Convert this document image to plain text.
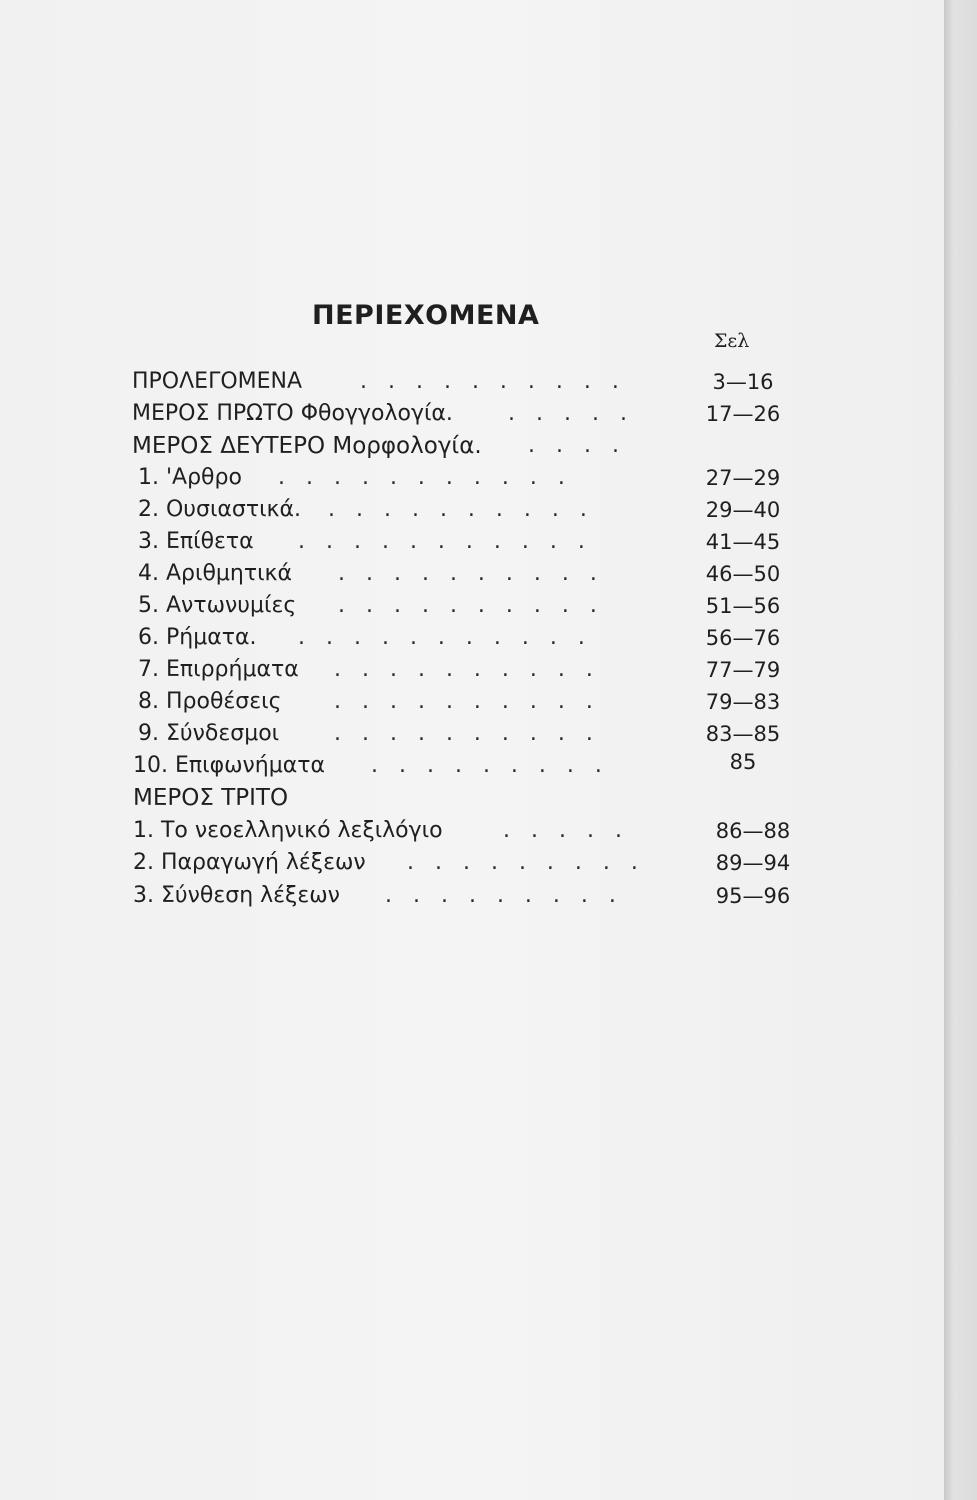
ΠΕΡΙΕΧΟΜΕΝΑ
Σελ
ΠΡΟΛΕΓΟΜΕΝΑ	. . . . . . . . . .	3—16
ΜΕΡΟΣ ΠΡΩΤΟ Φθογγολογία.	. . . . .	17—26
ΜΕΡΟΣ ΔΕΥΤΕΡΟ Μορφολογία. . . . .
1. 'Αρθρο . . . . . . . . . . .	27—29
2. Ουσιαστικά. . . . . . . . . . .	29—40
3. Επίθετα . . . . . . . . . . .	41—45
4. Αριθμητικά . . . . . . . . . .	46—50
5. Αντωνυμίες . . . . . . . . . .	51—56
6. Ρήματα. . . . . . . . . . . .	56—76
7. Επιρρήματα . . . . . . . . . .	77—79
8. Προθέσεις . . . . . . . . . .	79—83
9. Σύνδεσμοι . . . . . . . . . .	83—85
10. Επιφωνήματα . . . . . . . . .	85
ΜΕΡΟΣ ΤΡΙΤΟ
1. Το νεοελληνικό λεξιλόγιο	. . . . .	86—88
2. Παραγωγή λέξεων . . . . . . . . .	89—94
3. Σύνθεση λέξεων . . . . . . . . .	95—96
